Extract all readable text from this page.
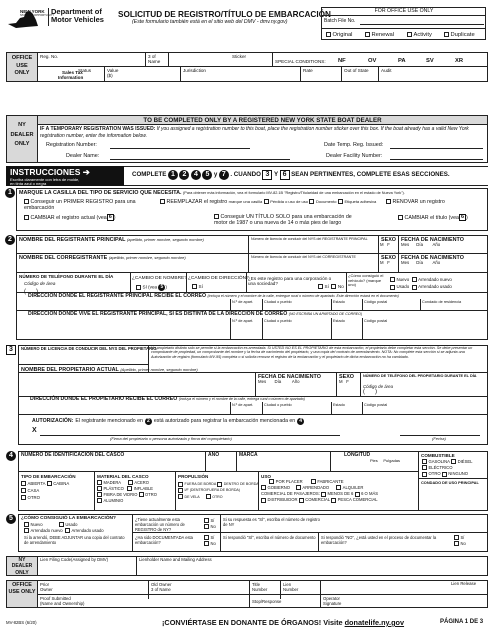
NEW YORK
STATE OF OPPORTUNITY
Department of
Motor Vehicles
SOLICITUD DE REGISTRO/TÍTULO DE EMBARCACIÓN
(Este formulario también está en el sitio web del DMV - dmv.ny.gov)
FOR OFFICE USE ONLY
Batch File No.
Original	Renewal	Activity	Duplicate
OFFICE USE ONLY
Reg. No.	3 of
Name
Sticker
SPECIAL CONDITIONS: NF	OV	PA	SV	XR
Sales Tax
Information
Status	Value ($)
Jurisdiction	Rate	Out of State	Audit
NY DEALER ONLY
TO BE COMPLETED ONLY BY A REGISTERED NEW YORK STATE BOAT DEALER
IF A TEMPORARY REGISTRATION WAS ISSUED: If you assigned a registration number to this boat, place the registration number sticker over this box. If the boat already has a valid New York registration number, enter the information below.
Registration Number:	Date Temp. Reg. Issued:
Dealer Name:	Dealer Facility Number:
INSTRUCCIONES ➔
Escriba claramente con letra de molde,
en tinta azul o negra
COMPLETE 1	2	4	5 y 7 . CUANDO 3 Y 6 SEAN PERTINENTES, COMPLETE ESAS SECCIONES.
1	MARQUE LA CASILLA DEL TIPO DE SERVICIO QUE NECESITA. (Para obtener más información, vea el formulario MV-82.1B "Registro/Titularidad de una embarcación en el estado de Nueva York").
Conseguir un PRIMER REGISTRO para una embarcación
REEMPLAZAR el registro marque una casilla Pérdida o uso de uso Documento Etiqueta adhesiva	RENOVAR un registro
CAMBIAR el registro actual (vea 6 )	Conseguir UN TÍTULO SOLO para una embarcación de motor de 1987 o una nueva de 14 o más pies de largo
CAMBIAR el título (vea 6 )
2	NOMBRE DEL REGISTRANTE PRINCIPAL (apellido, primer nombre, segundo nombre)	Número de licencia de conducir del NYS del REGISTRANTE PRINCIPAL SEXO
M F
FECHA DE NACIMIENTO
Mes Día Año
NOMBRE DEL CORREGISTRANTE (apellido, primer nombre, segundo nombre)	Número de licencia de conducir del NYS del CORREGISTRANTE	SEXO
M F
FECHA DE NACIMIENTO
Mes Día Año
NÚMERO DE TELÉFONO DURANTE EL DÍA
Código de área
(      )
¿CAMBIO DE NOMBRE?
Sí (vea 5 )
¿CAMBIO DE DIRECCIÓN?
Sí
¿Es este registro para una corporación o una sociedad?
Sí No
¿Cómo consiguió el vehículo? (marque uno)
Nuevo Arrendado nuevo
Usado Arrendado usado
DIRECCIÓN DONDE EL REGISTRANTE PRINCIPAL RECIBE EL CORREO (incluya el número y el nombre de la calle, entregue rural o número de apartado. Este dirección estará en el documento)
N.º de apart.	Ciudad o pueblo	Estado	Código postal	Condado de residencia
DIRECCIÓN DONDE VIVE EL REGISTRANTE PRINCIPAL, SI ES DISTINTA DE LA DIRECCIÓN DE CORREO (NO ESCRIBA UN APARTADO DE CORREO)
N.º de apart.	Ciudad o pueblo	Estado	Código postal
3	NÚMERO DE LICENCIA DE CONDUCIR DEL NYS DEL PROPIETARIO
Un propietario distinto solo se permite si la embarcación es arrendada. Si USTED NO ES EL PROPIETARIO de esta embarcación, el propietario debe completar esta sección. Se debe presentar un comprobante de propiedad, un comprobante del nombre y la fecha de nacimiento del propietario, y una copia del contrato de arrendamiento. NOTA: No complete esta sección si se adjunta una Autorización de registro (formulario MV-95) completa o si solicita renovar el registro de la embarcación y el propietario de dicha embarcación no ha cambiado.
NOMBRE DEL PROPIETARIO ACTUAL (Apellido, primer nombre, segundo nombre)
FECHA DE NACIMIENTO
Mes Día	Año
SEXO
M F
NÚMERO DE TELÉFONO DEL PROPIETARIO DURANTE EL DÍA
Código de área
(      )
DIRECCIÓN DONDE EL PROPIETARIO RECIBE EL CORREO (incluya el número y el nombre de la calle, entrega rural o número de apartado)
N.º de apart.	Ciudad o pueblo	Estado	Código postal
AUTORIZACIÓN: El registrante mencionado en 2 está autorizado para registrar la embarcación mencionada en 4
X
(Firma del propietario o persona autorizada y firma del copropietario)	(Fecha)
4	NÚMERO DE IDENTIFICACIÓN DEL CASCO	AÑO	MARCA	LONGITUD
Pies Pulgadas
COMBUSTIBLE
GASOLINA DIÉSEL
ELÉCTRICO
OTRO NINGUNO
CONDADO DE USO PRINCIPAL
TIPO DE EMBARCACIÓN
ABIERTA CABINA
CASA
OTRO
MATERIAL DEL CASCO
MADERA	ACERO
PLÁSTICO INFLABLE
FIBRA DE VIDRIO OTRO
ALUMINIO
PROPULSIÓN
FUERA DE BORDA DENTRO DE BORDA
I/F (DENTRO/FUERA DE BORDA)
DE VELA	OTRO
USO
POR PLACER	FABRICANTE
GOBIERNO	ARRENDADO	ALQUILER
COMERCIAL DE PASAJEROS: MENOS DE 6 6 O MÁS
DISTRIBUIDOR COMERCIAL PESCA COMERCIAL
5	¿CÓMO CONSIGUIÓ LA EMBARCACIÓN?
Nuevo	Usado
Arrendado nuevo Arrendado usado
Si la arrendó, DEBE ADJUNTAR una copia del contrato de arrendamiento
¿Tiene actualmente esta embarcación un número de REGISTRO de NY?
Sí
No
Si su respuesta es "SÍ", escriba el número de registro de NY
¿Ha sido DOCUMENTADA esta embarcación?
Sí
No
Si respondió "SÍ", escriba el número de documento	Si respondió "NO", ¿está usted en el proceso de documentar la embarcación?
Sí
No
NY DEALER ONLY
Lien Filing Code(Assigned by DMV)	Lienholder Name and Mailing Address
OFFICE USE ONLY
Prior
Owner
Old Owner
3 of Name
Title
Number
Lien
Number
Lien Release
Proof Submitted
(Name and Ownership)	Stop/Response
Operator Signature
MV-82BS (6/20)	¡CONVIÉRTASE EN DONANTE DE ÓRGANOS! Visite donatelife.ny.gov	PÁGINA 1 DE 3
